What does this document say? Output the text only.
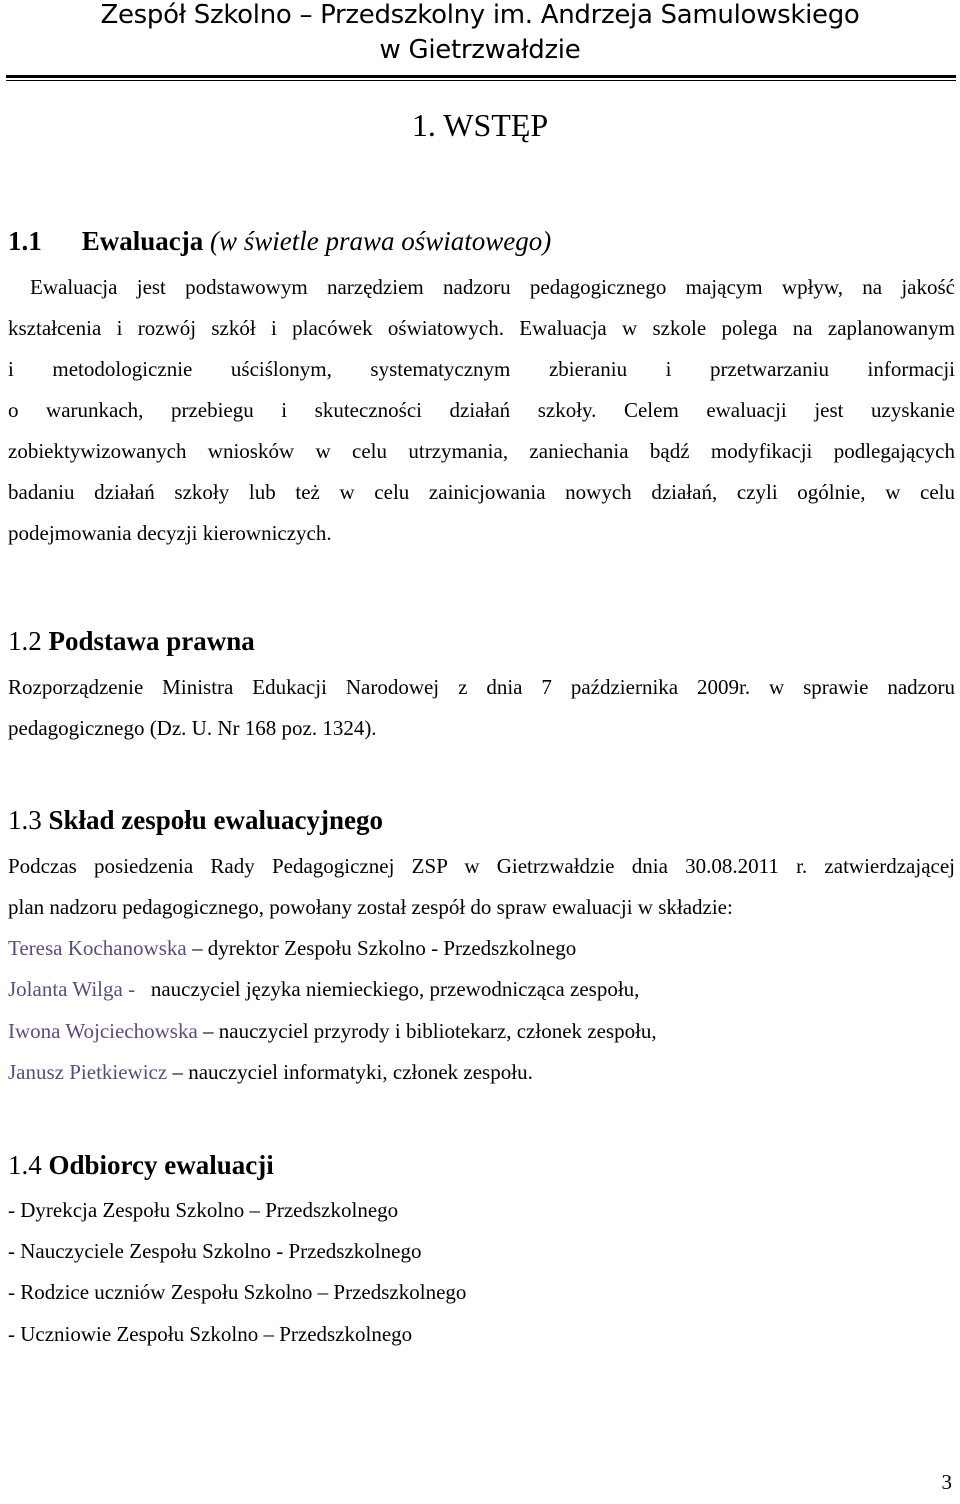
Zespół Szkolno – Przedszkolny im. Andrzeja Samulowskiego
w Gietrzwałdzie
1. WSTĘP
1.1 Ewaluacja (w świetle prawa oświatowego)
Ewaluacja jest podstawowym narzędziem nadzoru pedagogicznego mającym wpływ, na jakość
kształcenia i rozwój szkół i placówek oświatowych. Ewaluacja w szkole polega na zaplanowanym
i metodologicznie uściślonym, systematycznym zbieraniu i przetwarzaniu informacji
o warunkach, przebiegu i skuteczności działań szkoły. Celem ewaluacji jest uzyskanie
zobiektywizowanych wniosków w celu utrzymania, zaniechania bądź modyfikacji podlegających
badaniu działań szkoły lub też w celu zainicjowania nowych działań, czyli ogólnie, w celu
podejmowania decyzji kierowniczych.
1.2 Podstawa prawna
Rozporządzenie Ministra Edukacji Narodowej z dnia 7 października 2009r. w sprawie nadzoru
pedagogicznego (Dz. U. Nr 168 poz. 1324).
1.3 Skład zespołu ewaluacyjnego
Podczas posiedzenia Rady Pedagogicznej ZSP w Gietrzwałdzie dnia 30.08.2011 r. zatwierdzającej
plan nadzoru pedagogicznego, powołany został zespół do spraw ewaluacji w składzie:
Teresa Kochanowska – dyrektor Zespołu Szkolno - Przedszkolnego
Jolanta Wilga -   nauczyciel języka niemieckiego, przewodnicząca zespołu,
Iwona Wojciechowska – nauczyciel przyrody i bibliotekarz, członek zespołu,
Janusz Pietkiewicz – nauczyciel informatyki, członek zespołu.
1.4 Odbiorcy ewaluacji
- Dyrekcja Zespołu Szkolno – Przedszkolnego
- Nauczyciele Zespołu Szkolno - Przedszkolnego
- Rodzice uczniów Zespołu Szkolno – Przedszkolnego
- Uczniowie Zespołu Szkolno – Przedszkolnego
3
